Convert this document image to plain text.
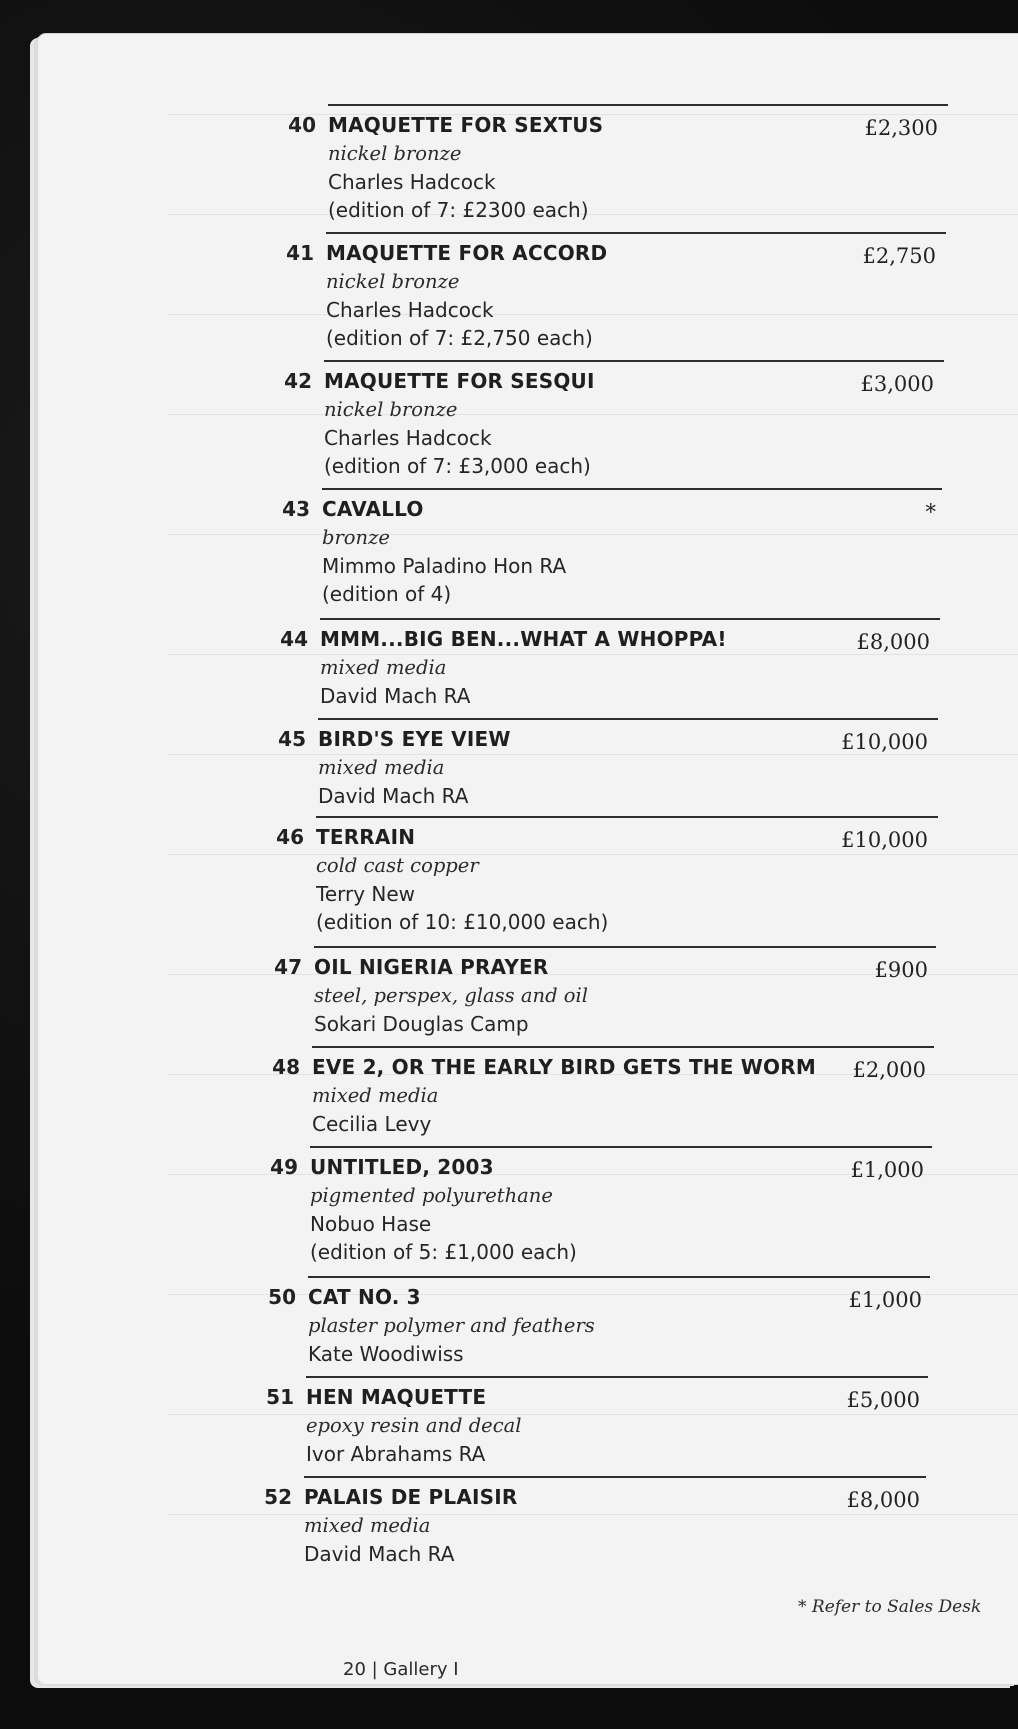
40 MAQUETTE FOR SEXTUS
nickel bronze
Charles Hadcock
(edition of 7: £2300 each)
£2,300
41 MAQUETTE FOR ACCORD
nickel bronze
Charles Hadcock
(edition of 7: £2,750 each)
£2,750
42 MAQUETTE FOR SESQUI
nickel bronze
Charles Hadcock
(edition of 7: £3,000 each)
£3,000
43 CAVALLO
bronze
Mimmo Paladino Hon RA
(edition of 4)
*
44 MMM...BIG BEN...WHAT A WHOPPA!
mixed media
David Mach RA
£8,000
45 BIRD'S EYE VIEW
mixed media
David Mach RA
£10,000
46 TERRAIN
cold cast copper
Terry New
(edition of 10: £10,000 each)
£10,000
47 OIL NIGERIA PRAYER
steel, perspex, glass and oil
Sokari Douglas Camp
£900
48 EVE 2, OR THE EARLY BIRD GETS THE WORM
mixed media
Cecilia Levy
£2,000
49 UNTITLED, 2003
pigmented polyurethane
Nobuo Hase
(edition of 5: £1,000 each)
£1,000
50 CAT NO. 3
plaster polymer and feathers
Kate Woodiwiss
£1,000
51 HEN MAQUETTE
epoxy resin and decal
Ivor Abrahams RA
£5,000
52 PALAIS DE PLAISIR
mixed media
David Mach RA
£8,000
* Refer to Sales Desk
20 | Gallery I
